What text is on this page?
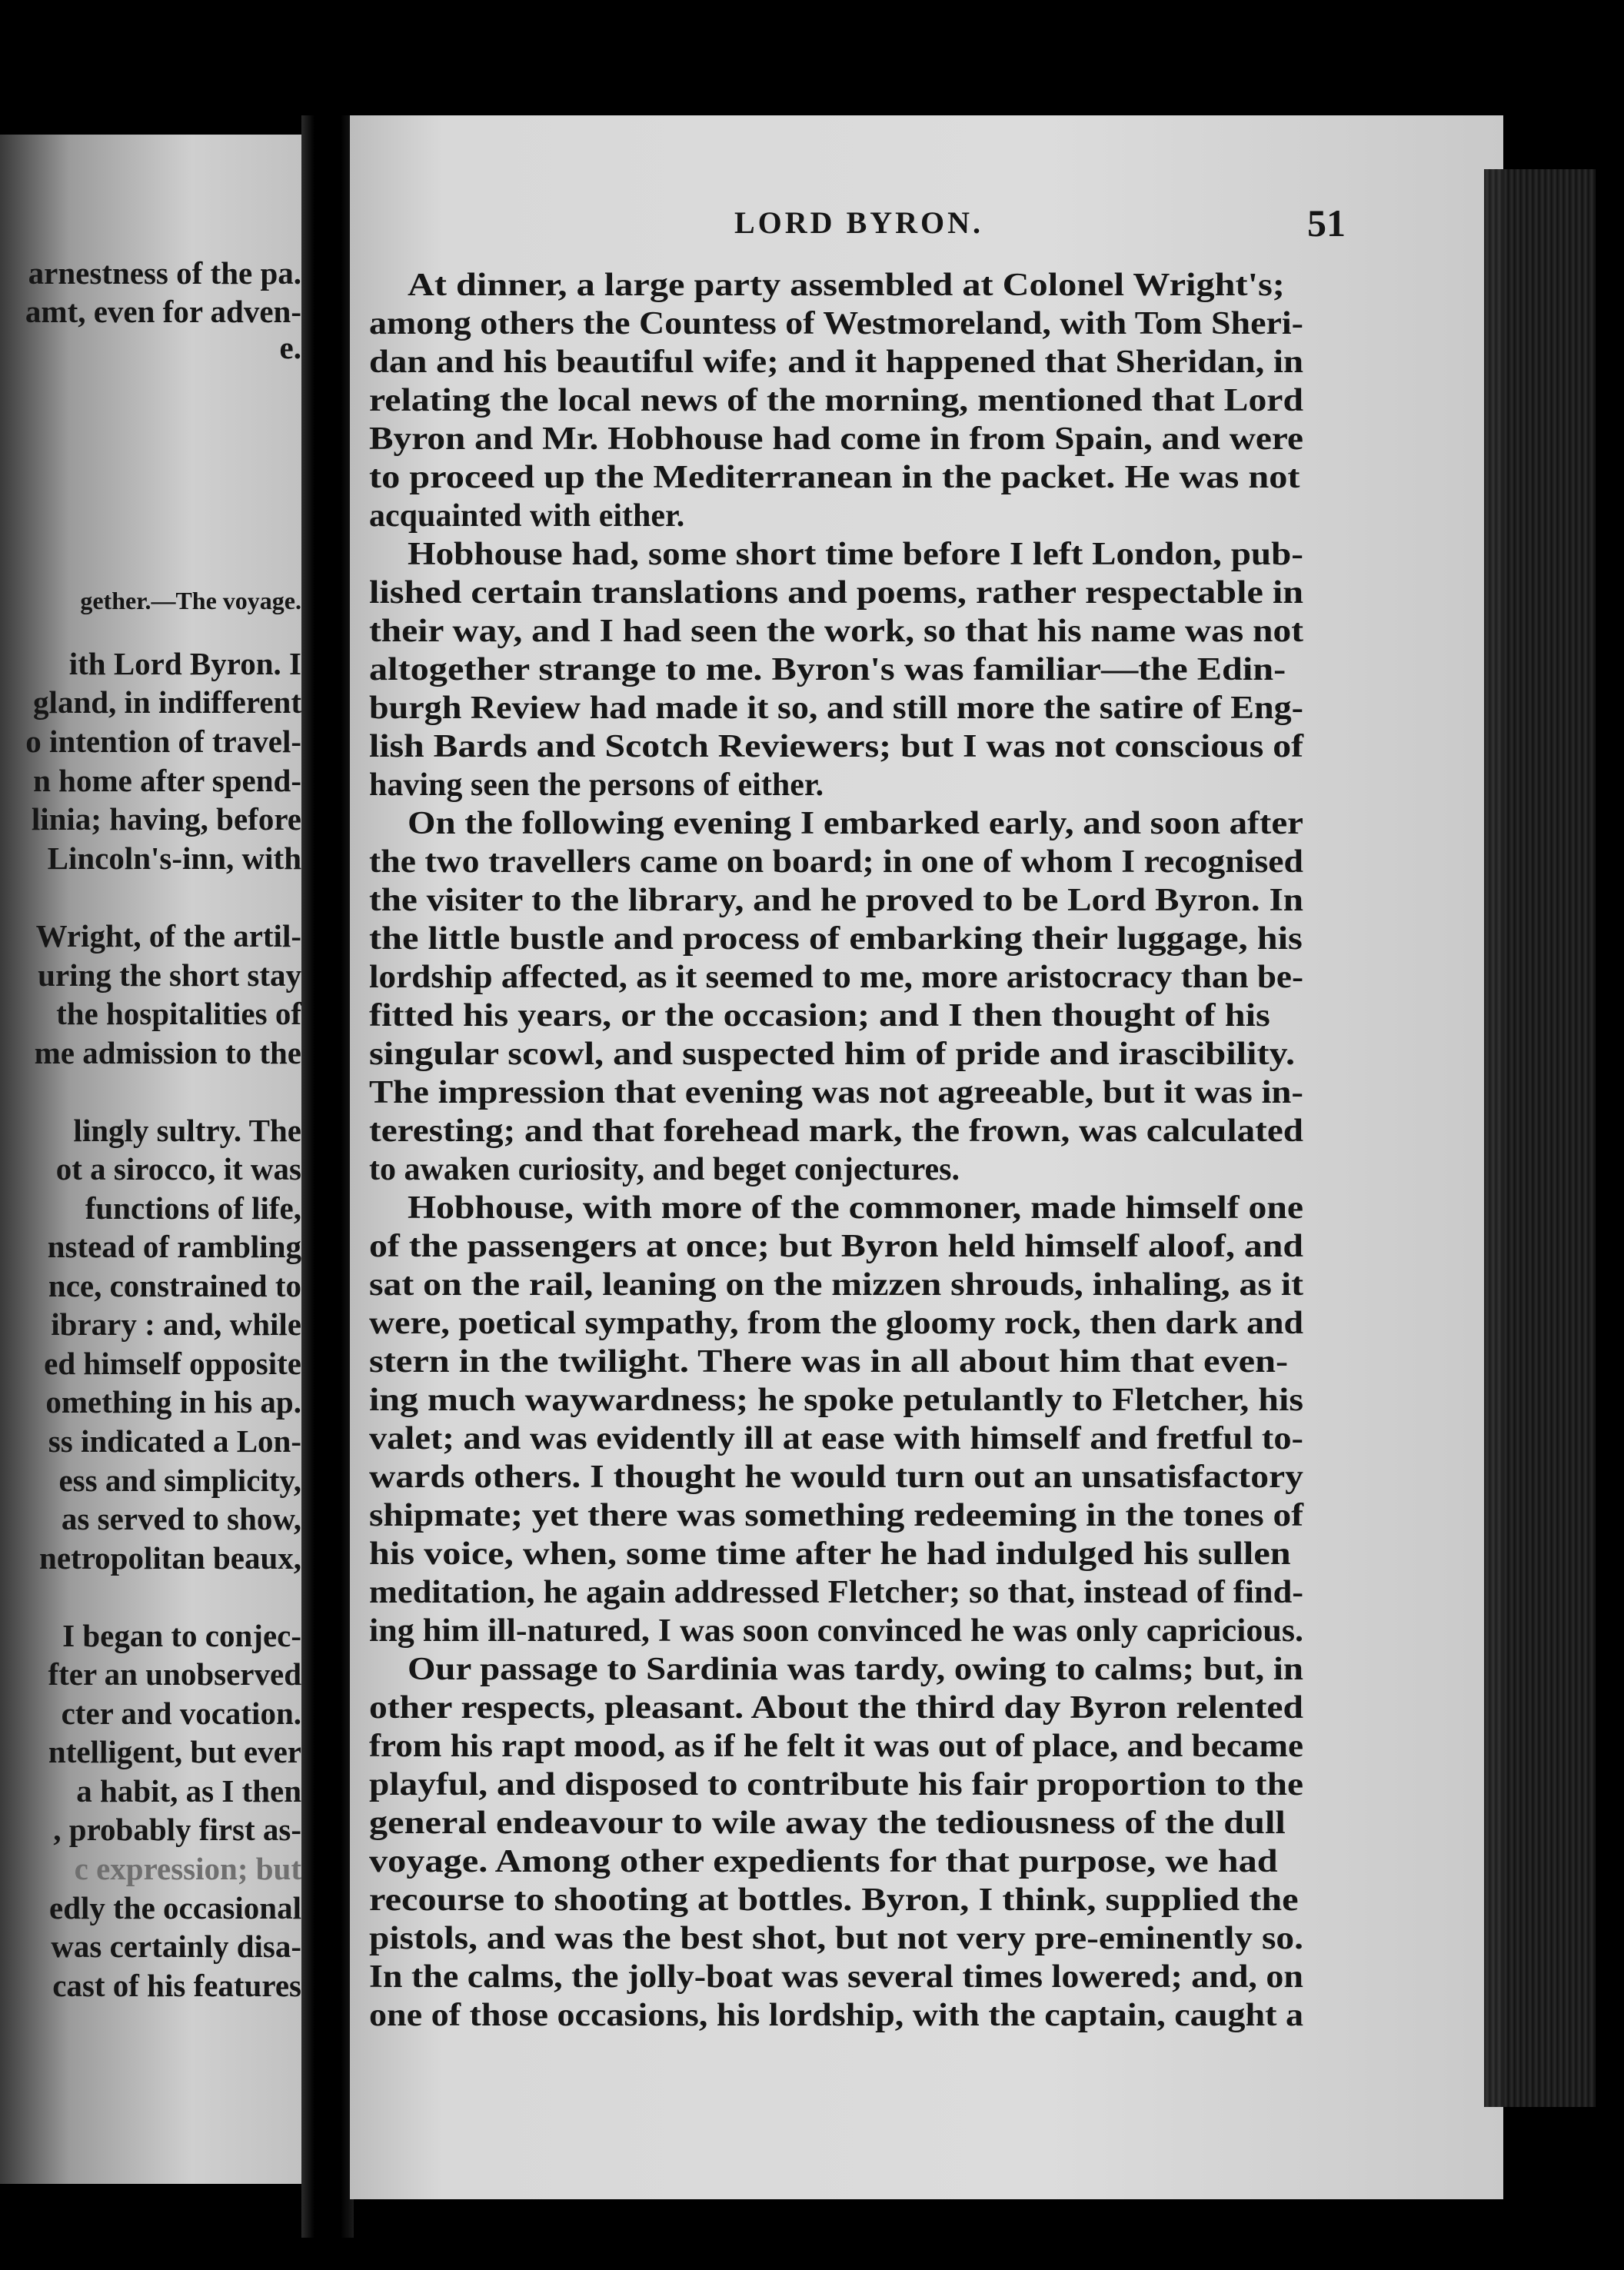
arnestness of the pa.

amt, even for adven-

e.

gether.—The voyage.

ith Lord Byron. I

gland, in indifferent

o intention of travel-

n home after spend-

linia; having, before

Lincoln's-inn, with

Wright, of the artil-

uring the short stay

the hospitalities of

me admission to the

lingly sultry. The

ot a sirocco, it was

functions of life,

nstead of rambling

nce, constrained to

ibrary : and, while

ed himself opposite

omething in his ap.

ss indicated a Lon-

ess and simplicity,

as served to show,

netropolitan beaux,

I began to conjec-

fter an unobserved

cter and vocation.

ntelligent, but ever

a habit, as I then

, probably first as-

c expression; but

edly the occasional

was certainly disa-

cast of his features

LORD BYRON.	51

At dinner, a large party assembled at Colonel Wright's;

among others the Countess of Westmoreland, with Tom Sheri-

dan and his beautiful wife; and it happened that Sheridan, in

relating the local news of the morning, mentioned that Lord

Byron and Mr. Hobhouse had come in from Spain, and were

to proceed up the Mediterranean in the packet. He was not

acquainted with either.

Hobhouse had, some short time before I left London, pub-

lished certain translations and poems, rather respectable in

their way, and I had seen the work, so that his name was not

altogether strange to me. Byron's was familiar—the Edin-

burgh Review had made it so, and still more the satire of Eng-

lish Bards and Scotch Reviewers; but I was not conscious of

having seen the persons of either.

On the following evening I embarked early, and soon after

the two travellers came on board; in one of whom I recognised

the visiter to the library, and he proved to be Lord Byron. In

the little bustle and process of embarking their luggage, his

lordship affected, as it seemed to me, more aristocracy than be-

fitted his years, or the occasion; and I then thought of his

singular scowl, and suspected him of pride and irascibility.

The impression that evening was not agreeable, but it was in-

teresting; and that forehead mark, the frown, was calculated

to awaken curiosity, and beget conjectures.

Hobhouse, with more of the commoner, made himself one

of the passengers at once; but Byron held himself aloof, and

sat on the rail, leaning on the mizzen shrouds, inhaling, as it

were, poetical sympathy, from the gloomy rock, then dark and

stern in the twilight. There was in all about him that even-

ing much waywardness; he spoke petulantly to Fletcher, his

valet; and was evidently ill at ease with himself and fretful to-

wards others. I thought he would turn out an unsatisfactory

shipmate; yet there was something redeeming in the tones of

his voice, when, some time after he had indulged his sullen

meditation, he again addressed Fletcher; so that, instead of find-

ing him ill-natured, I was soon convinced he was only capricious.

Our passage to Sardinia was tardy, owing to calms; but, in

other respects, pleasant. About the third day Byron relented

from his rapt mood, as if he felt it was out of place, and became

playful, and disposed to contribute his fair proportion to the

general endeavour to wile away the tediousness of the dull

voyage. Among other expedients for that purpose, we had

recourse to shooting at bottles. Byron, I think, supplied the

pistols, and was the best shot, but not very pre-eminently so.

In the calms, the jolly-boat was several times lowered; and, on

one of those occasions, his lordship, with the captain, caught a
